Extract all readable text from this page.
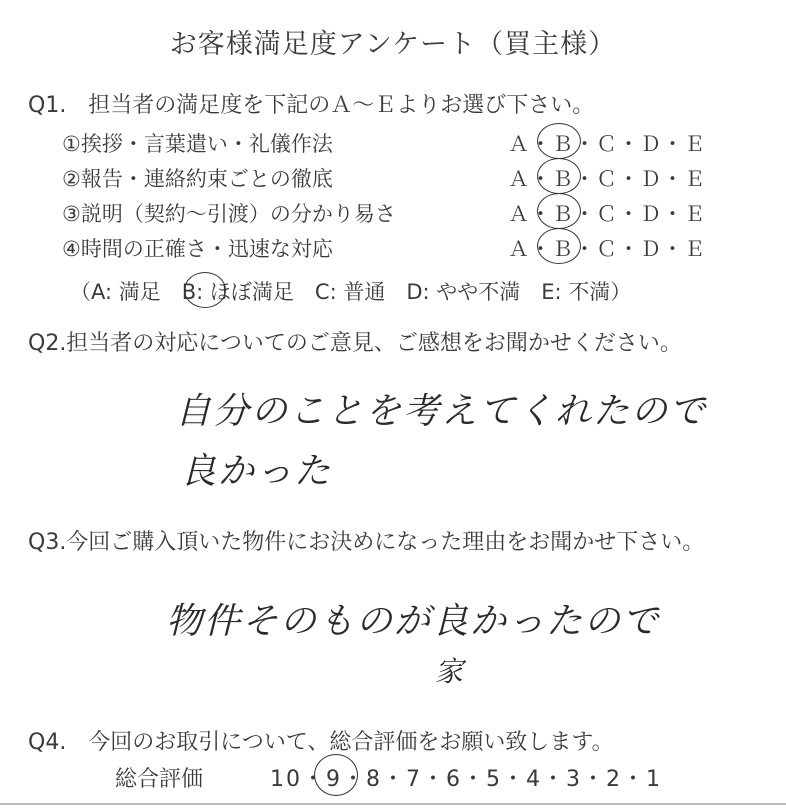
お客様満足度アンケート（買主様）
Q1.　担当者の満足度を下記のＡ～Ｅよりお選び下さい。
①挨拶・言葉遣い・礼儀作法	Ａ・Ｂ・Ｃ・Ｄ・Ｅ
②報告・連絡約束ごとの徹底	Ａ・Ｂ・Ｃ・Ｄ・Ｅ
③説明（契約～引渡）の分かり易さ	Ａ・Ｂ・Ｃ・Ｄ・Ｅ
④時間の正確さ・迅速な対応	Ａ・Ｂ・Ｃ・Ｄ・Ｅ
（A: 満足　B: ほぼ満足　C: 普通　D: やや不満　E: 不満）
Q2.担当者の対応についてのご意見、ご感想をお聞かせください。
自分のことを考えてくれたので
良かった
Q3.今回ご購入頂いた物件にお決めになった理由をお聞かせ下さい。
物件そのものが良かったので
家
Q4.　今回のお取引について、総合評価をお願い致します。
総合評価	10・9・8・7・6・5・4・3・2・1
